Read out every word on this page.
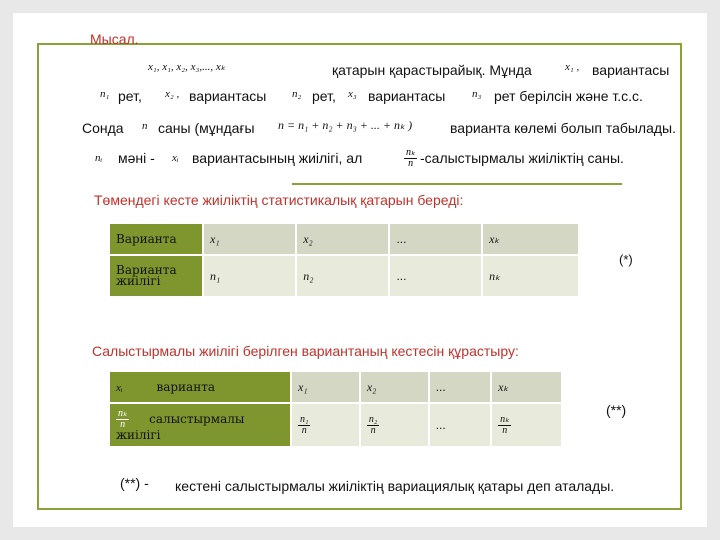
Мысал.
x₁, x₁, x₂, x₃,..., xₖ	қатарын қарастырайық. Мұнда	x₁ , вариантасы
n₁ рет, x₂ , вариантасы n₂ рет, x₃ вариантасы n₃ рет берілсін және т.с.с.
Сонда n саны (мұндағы n = n₁ + n₂ + n₃ + ... + nₖ )	варианта көлемі болып табылады.
nᵢ мәні - xᵢ вариантасының жиілігі, ал	$\frac{\text{nₖ}}{n}$ -салыстырмалы жиіліктің саны.
Төмендегі кесте жиіліктің статистикалық қатарын береді:
Варианта	x₁	x₂	...	xₖ
Варианта жиілігі	n₁	n₂	...	nₖ
(*)
Салыстырмалы жиілігі берілген вариантаның кестесін құрастыру:
xᵢ варианта	x₁	x₂	...	xₖ

$\frac{\text{nₖ}}{n}$ салыстырмалы жиілігі	$\frac{\text{n₁}}{n}$	$\frac{\text{n₂}}{n}$	...	$\frac{\text{nₖ}}{n}$
(**)
(**) - кестені салыстырмалы жиіліктің вариациялық қатары деп аталады.
